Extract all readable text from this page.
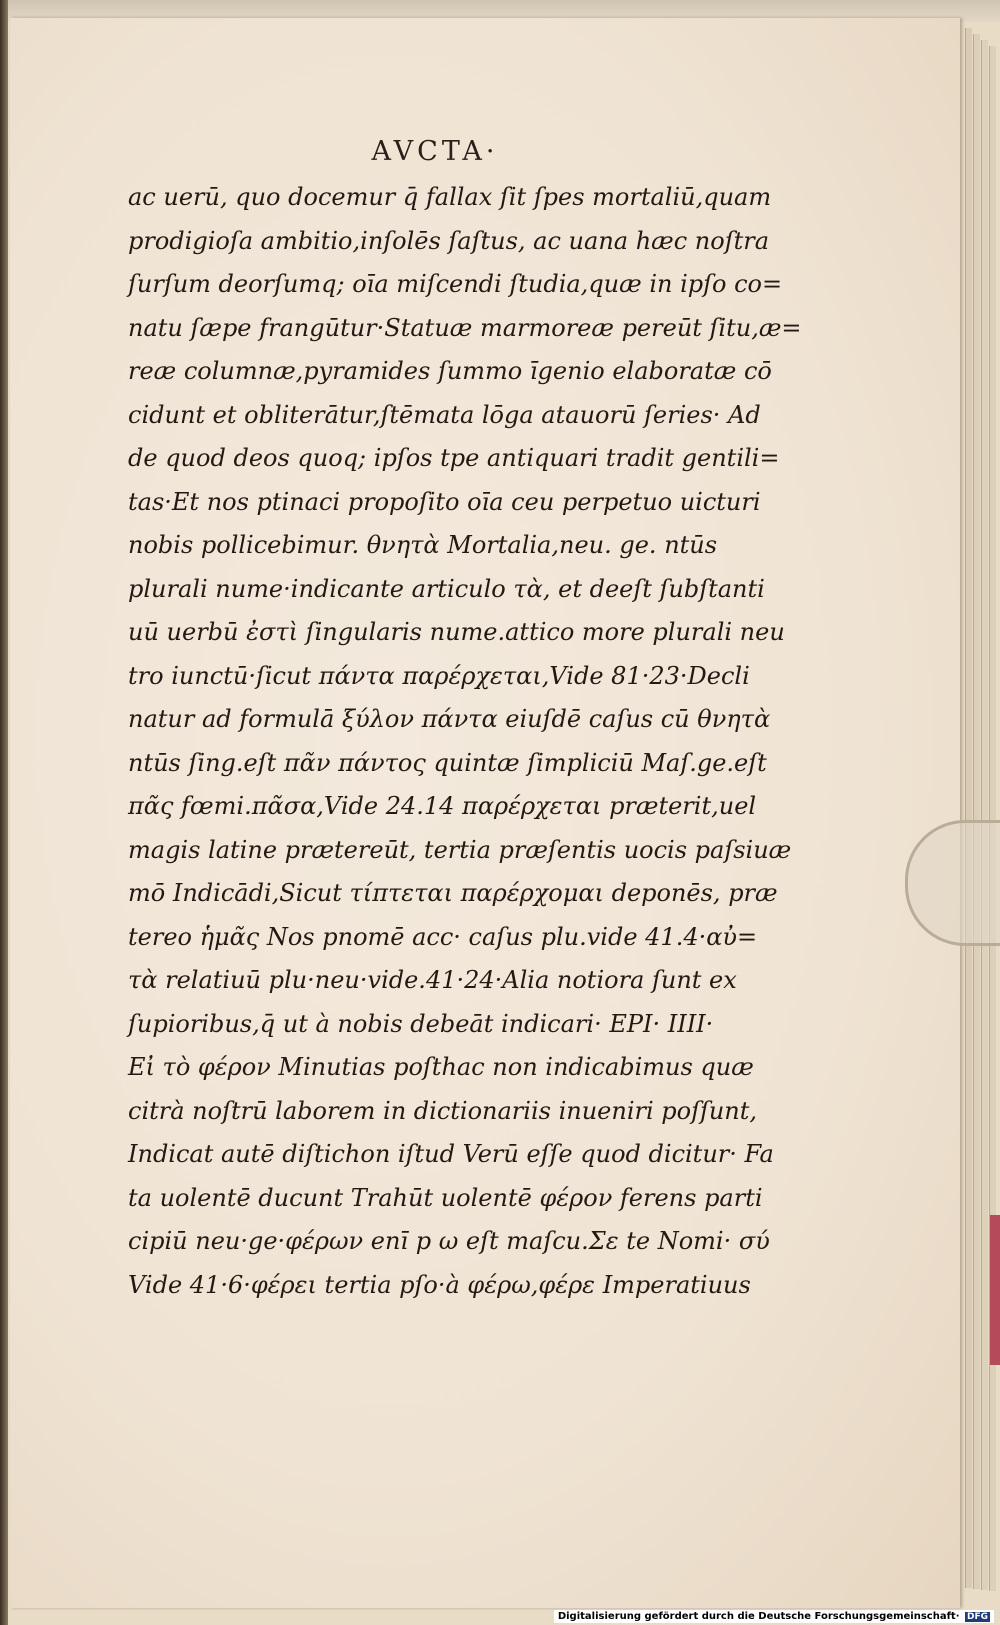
AVCTA·
ac uerū, quo docemur q̄ fallax ſit ſpes mortaliū,quam
prodigioſa ambitio,inſolēs ſaſtus, ac uana hæc noſtra
ſurſum deorſumq; oīa miſcendi ſtudia,quæ in ipſo co=
natu ſæpe frangūtur·Statuæ marmoreæ pereūt ſitu,æ=
reæ columnæ,pyramides ſummo īgenio elaboratæ cō
cidunt et obliterātur,ſtēmata lōga atauorū ſeries· Ad
de quod deos quoq; ipſos tpe antiquari tradit gentili=
tas·Et nos ptinaci propoſito oīa ceu perpetuo uicturi
nobis pollicebimur. θνητὰ Mortalia,neu. ge. ntūs
plurali nume·indicante articulo τὰ, et deeſt ſubſtanti
uū uerbū ἐστὶ ſingularis nume.attico more plurali neu
tro iunctū·ſicut πάντα παρέρχεται,Vide 81·23·Decli
natur ad formulā ξύλον πάντα eiuſdē caſus cū θνητὰ
ntūs ſing.eſt πᾶν πάντος quintæ ſimpliciū Maſ.ge.eſt
πᾶς fœmi.πᾶσα,Vide 24.14 παρέρχεται præterit,uel
magis latine prætereūt, tertia præſentis uocis paſsiuæ
mō Indicādi,Sicut τίπτεται παρέρχομαι deponēs, præ
tereo ἡμᾶς Nos pnomē acc· caſus plu.vide 41.4·αὐ=
τὰ relatiuū plu·neu·vide.41·24·Alia notiora ſunt ex
ſupioribus,q̄ ut à nobis debeāt indicari· EPI· IIII·
Εἰ τὸ φέρον Minutias poſthac non indicabimus quæ
citrà noſtrū laborem in dictionariis inueniri poſſunt,
Indicat autē diſtichon iſtud Verū eſſe quod dicitur· Fa
ta uolentē ducunt Trahūt uolentē φέρον ferens parti
cipiū neu·ge·φέρων enī p ω eſt maſcu.Σε te Nomi· σύ
Vide 41·6·φέρει tertia pſo·à φέρω,φέρε Imperatiuus
Digitalisierung gefördert durch die Deutsche Forschungsgemeinschaft· DFG
